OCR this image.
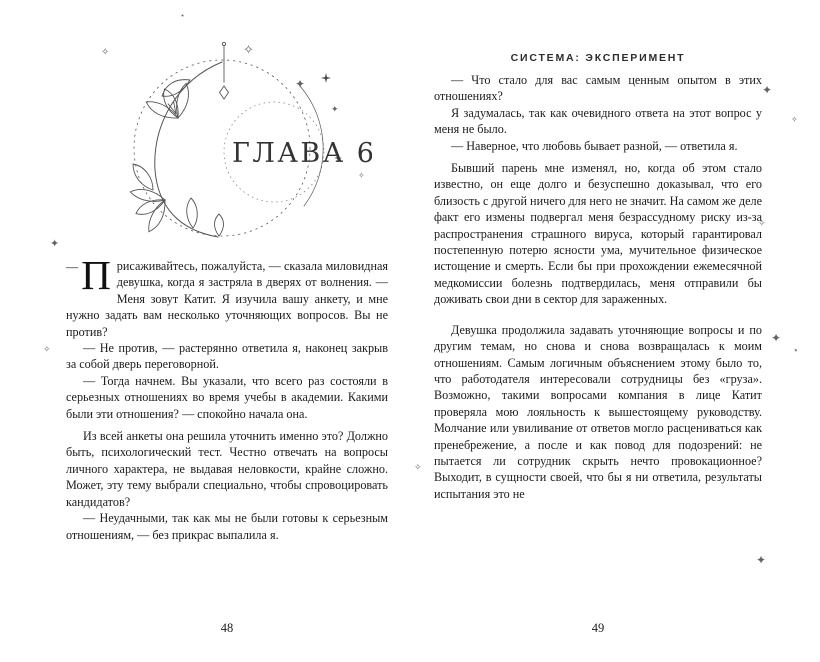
ГЛАВА 6

— П рисаживайтесь, пожалуйста, — сказала миловидная девушка, когда я застряла в дверях от волнения. — Меня зовут Катит. Я изучила вашу анкету, и мне нужно задать вам несколько уточняющих вопросов. Вы не против?

— Не против, — растерянно ответила я, наконец закрыв за собой дверь переговорной.

— Тогда начнем. Вы указали, что всего раз состояли в серьезных отношениях во время учебы в академии. Какими были эти отношения? — спокойно начала она.

Из всей анкеты она решила уточнить именно это? Должно быть, психологический тест. Честно отвечать на вопросы личного характера, не выдавая неловкости, крайне сложно. Может, эту тему выбрали специально, чтобы спровоцировать кандидатов?

— Неудачными, так как мы не были готовы к серьезным отношениям, — без прикрас выпалила я.

48
СИСТЕМА: ЭКСПЕРИМЕНТ

— Что стало для вас самым ценным опытом в этих отношениях?

Я задумалась, так как очевидного ответа на этот вопрос у меня не было.

— Наверное, что любовь бывает разной, — ответила я.

Бывший парень мне изменял, но, когда об этом стало известно, он еще долго и безуспешно доказывал, что его близость с другой ничего для него не значит. На самом же деле факт его измены подвергал меня безрассудному риску из-за распространения страшного вируса, который гарантировал постепенную потерю ясности ума, мучительное физическое истощение и смерть. Если бы при прохождении ежемесячной медкомиссии болезнь подтвердилась, меня отправили бы доживать свои дни в сектор для зараженных.

Девушка продолжила задавать уточняющие вопросы и по другим темам, но снова и снова возвращалась к моим отношениям. Самым логичным объяснением этому было то, что работодателя интересовали сотрудницы без «груза». Возможно, такими вопросами компания в лице Катит проверяла мою лояльность к вышестоящему руководству. Молчание или увиливание от ответов могло расцениваться как пренебрежение, а после и как повод для подозрений: не пытается ли сотрудник скрыть нечто провокационное? Выходит, в сущности своей, что бы я ни ответила, результаты испытания это не

49
✧
⋆
✧
✦
✦
✧
✦
✧
✦
✧
✧
✦
⋆
✦
✧
